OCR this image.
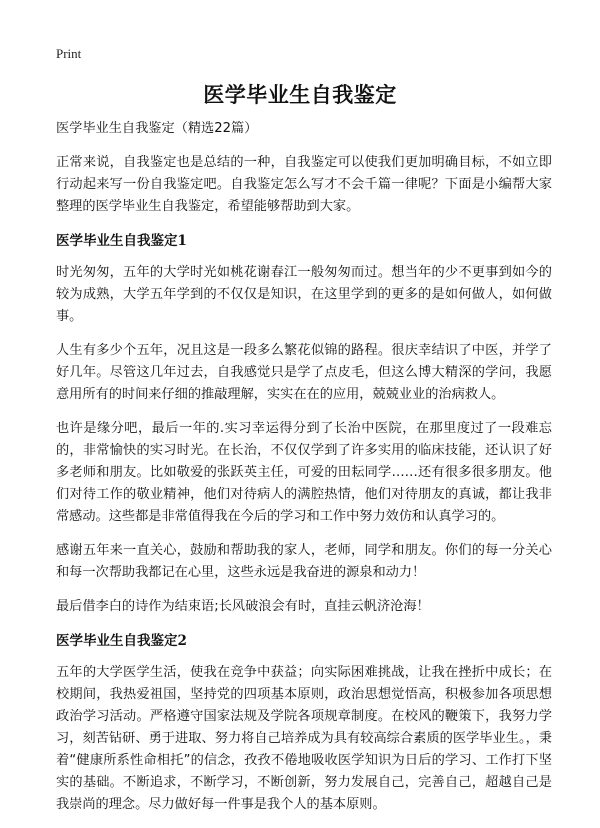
Print
医学毕业生自我鉴定

医学毕业生自我鉴定（精选22篇）

正常来说，自我鉴定也是总结的一种，自我鉴定可以使我们更加明确目标，不如立即行动起来写一份自我鉴定吧。自我鉴定怎么写才不会千篇一律呢？下面是小编帮大家整理的医学毕业生自我鉴定，希望能够帮助到大家。

医学毕业生自我鉴定1

时光匆匆，五年的大学时光如桃花谢春江一般匆匆而过。想当年的少不更事到如今的较为成熟，大学五年学到的不仅仅是知识，在这里学到的更多的是如何做人，如何做事。

人生有多少个五年，况且这是一段多么繁花似锦的路程。很庆幸结识了中医，并学了好几年。尽管这几年过去，自我感觉只是学了点皮毛，但这么博大精深的学问，我愿意用所有的时间来仔细的推敲理解，实实在在的应用，兢兢业业的治病救人。

也许是缘分吧，最后一年的.实习幸运得分到了长治中医院，在那里度过了一段难忘的，非常愉快的实习时光。在长治，不仅仅学到了许多实用的临床技能，还认识了好多老师和朋友。比如敬爱的张跃英主任，可爱的田耘同学……还有很多很多朋友。他们对待工作的敬业精神，他们对待病人的满腔热情，他们对待朋友的真诚，都让我非常感动。这些都是非常值得我在今后的学习和工作中努力效仿和认真学习的。

感谢五年来一直关心，鼓励和帮助我的家人，老师，同学和朋友。你们的每一分关心和每一次帮助我都记在心里，这些永远是我奋进的源泉和动力！

最后借李白的诗作为结束语;长风破浪会有时，直挂云帆济沧海！

医学毕业生自我鉴定2

五年的大学医学生活，使我在竞争中获益；向实际困难挑战，让我在挫折中成长；在校期间，我热爱祖国，坚持党的四项基本原则，政治思想觉悟高，积极参加各项思想政治学习活动。严格遵守国家法规及学院各项规章制度。在校风的鞭策下，我努力学习，刻苦钻研、勇于进取、努力将自己培养成为具有较高综合素质的医学毕业生。，秉着“健康所系性命相托”的信念，孜孜不倦地吸收医学知识为日后的学习、工作打下坚实的基础。不断追求，不断学习，不断创新，努力发展自己，完善自己，超越自己是我崇尚的理念。尽力做好每一件事是我个人的基本原则。
